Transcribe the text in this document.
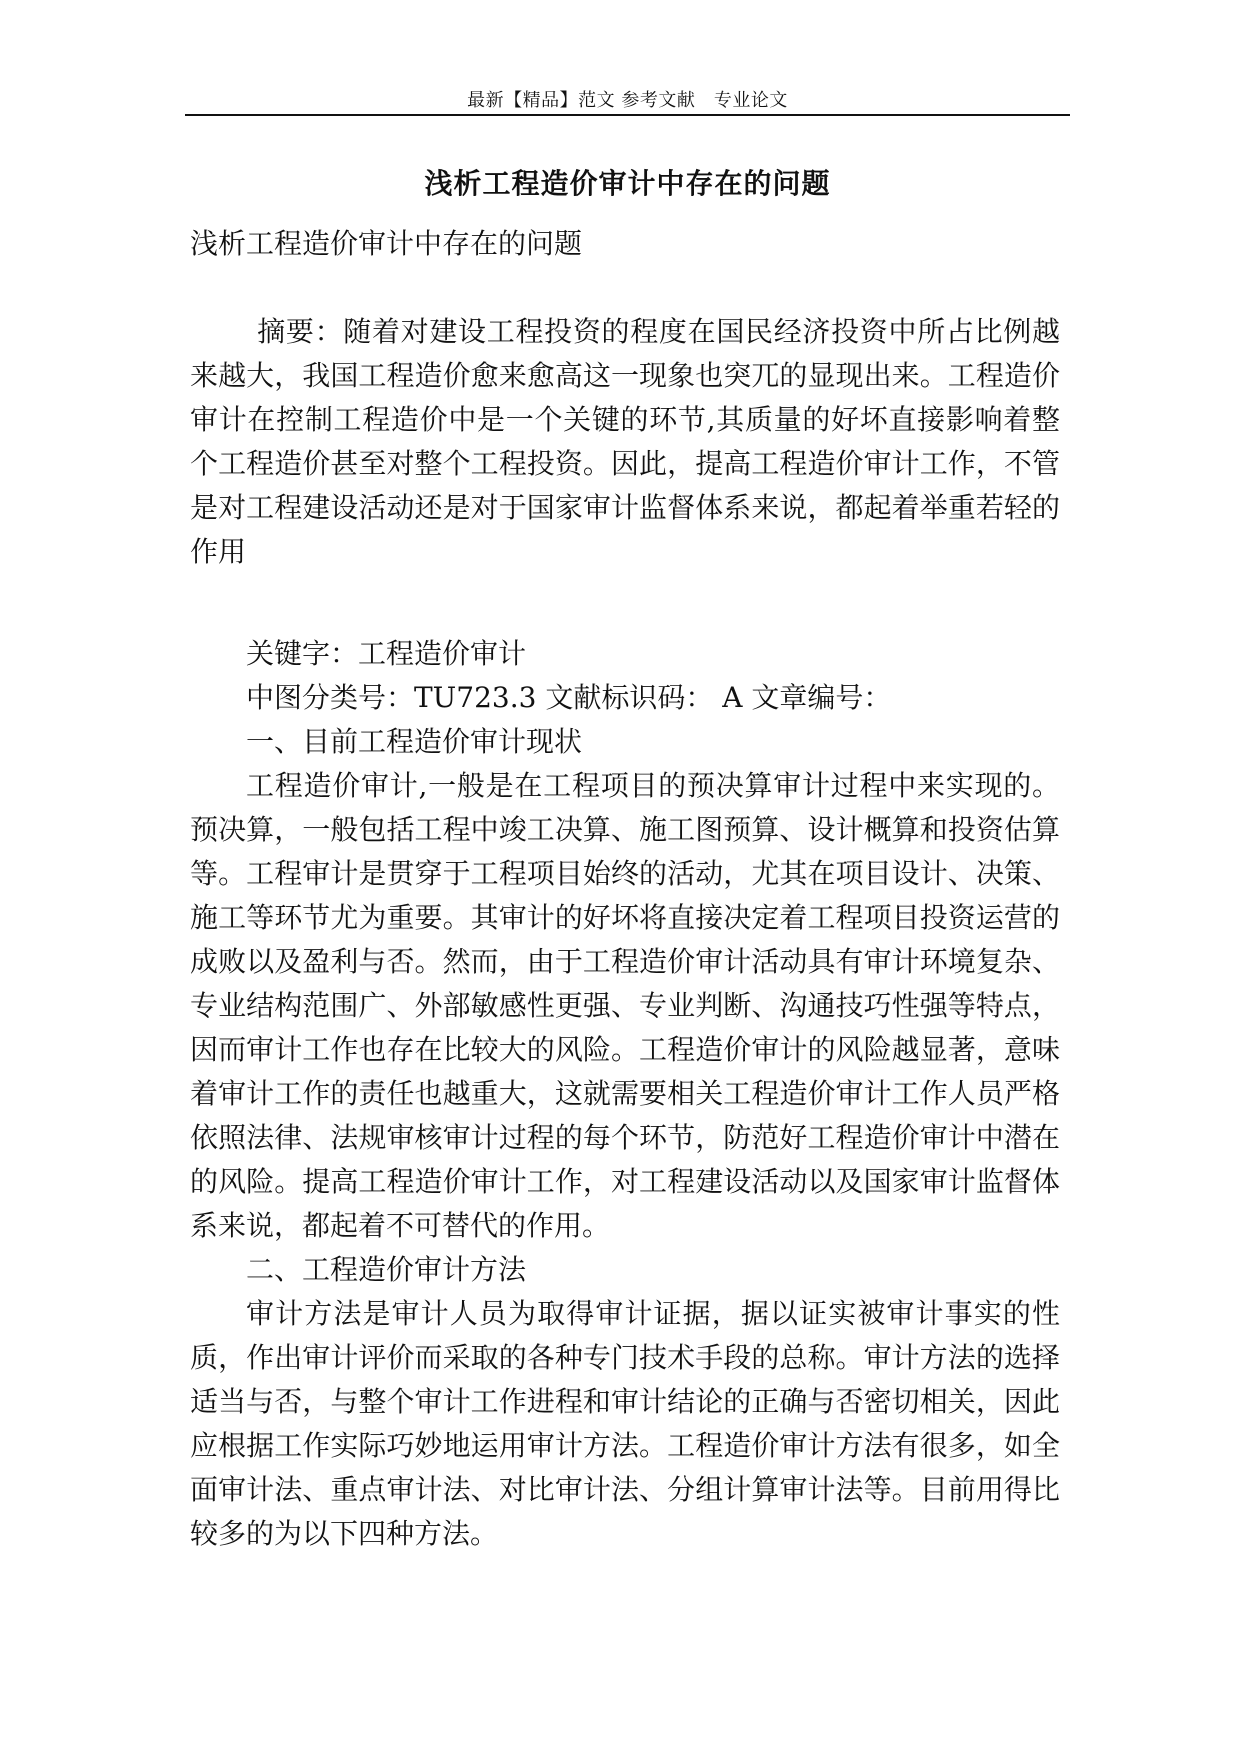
最新【精品】范文 参考文献　专业论文
浅析工程造价审计中存在的问题

浅析工程造价审计中存在的问题

摘要：随着对建设工程投资的程度在国民经济投资中所占比例越来越大，我国工程造价愈来愈高这一现象也突兀的显现出来。工程造价审计在控制工程造价中是一个关键的环节,其质量的好坏直接影响着整个工程造价甚至对整个工程投资。因此，提高工程造价审计工作，不管是对工程建设活动还是对于国家审计监督体系来说，都起着举重若轻的作用

关键字：工程造价审计

中图分类号：TU723.3 文献标识码： A 文章编号：

一、目前工程造价审计现状

工程造价审计,一般是在工程项目的预决算审计过程中来实现的。预决算，一般包括工程中竣工决算、施工图预算、设计概算和投资估算等。工程审计是贯穿于工程项目始终的活动，尤其在项目设计、决策、施工等环节尤为重要。其审计的好坏将直接决定着工程项目投资运营的成败以及盈利与否。然而，由于工程造价审计活动具有审计环境复杂、专业结构范围广、外部敏感性更强、专业判断、沟通技巧性强等特点，因而审计工作也存在比较大的风险。工程造价审计的风险越显著，意味着审计工作的责任也越重大，这就需要相关工程造价审计工作人员严格依照法律、法规审核审计过程的每个环节，防范好工程造价审计中潜在的风险。提高工程造价审计工作，对工程建设活动以及国家审计监督体系来说，都起着不可替代的作用。

二、工程造价审计方法

审计方法是审计人员为取得审计证据，据以证实被审计事实的性质，作出审计评价而采取的各种专门技术手段的总称。审计方法的选择适当与否，与整个审计工作进程和审计结论的正确与否密切相关，因此应根据工作实际巧妙地运用审计方法。工程造价审计方法有很多，如全面审计法、重点审计法、对比审计法、分组计算审计法等。目前用得比较多的为以下四种方法。
